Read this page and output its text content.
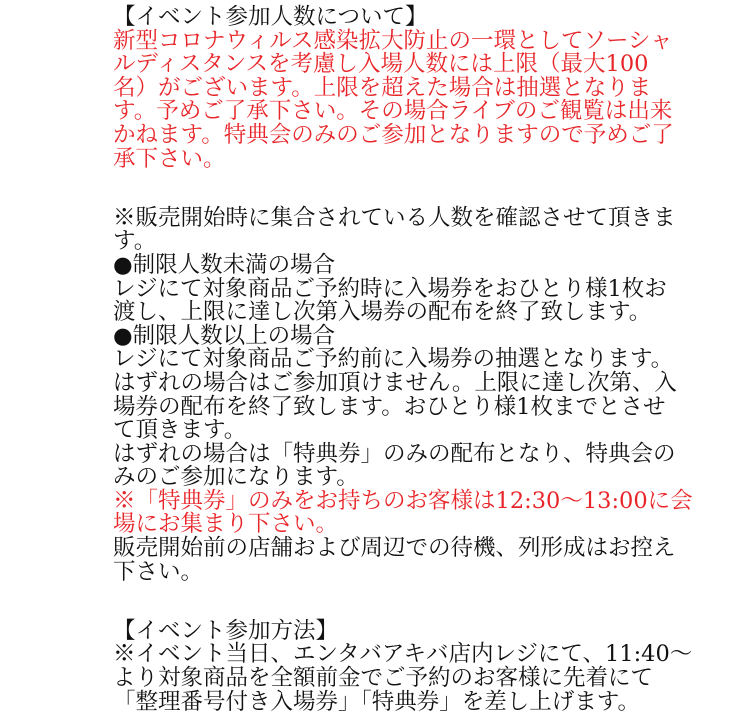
【イベント参加人数について】
新型コロナウィルス感染拡大防止の一環としてソーシャ
ルディスタンスを考慮し入場人数には上限（最大100
名）がございます。上限を超えた場合は抽選となりま
す。予めご了承下さい。その場合ライブのご観覧は出来
かねます。特典会のみのご参加となりますので予めご了
承下さい。
※販売開始時に集合されている人数を確認させて頂きま
す。
●制限人数未満の場合
レジにて対象商品ご予約時に入場券をおひとり様1枚お
渡し、上限に達し次第入場券の配布を終了致します。
●制限人数以上の場合
レジにて対象商品ご予約前に入場券の抽選となります。
はずれの場合はご参加頂けません。上限に達し次第、入
場券の配布を終了致します。おひとり様1枚までとさせ
て頂きます。
はずれの場合は「特典券」のみの配布となり、特典会の
みのご参加になります。
※「特典券」のみをお持ちのお客様は12:30〜13:00に会
場にお集まり下さい。
販売開始前の店舗および周辺での待機、列形成はお控え
下さい。
【イベント参加方法】
※イベント当日、エンタバアキバ店内レジにて、11:40〜
より対象商品を全額前金でご予約のお客様に先着にて
「整理番号付き入場券」「特典券」を差し上げます。
